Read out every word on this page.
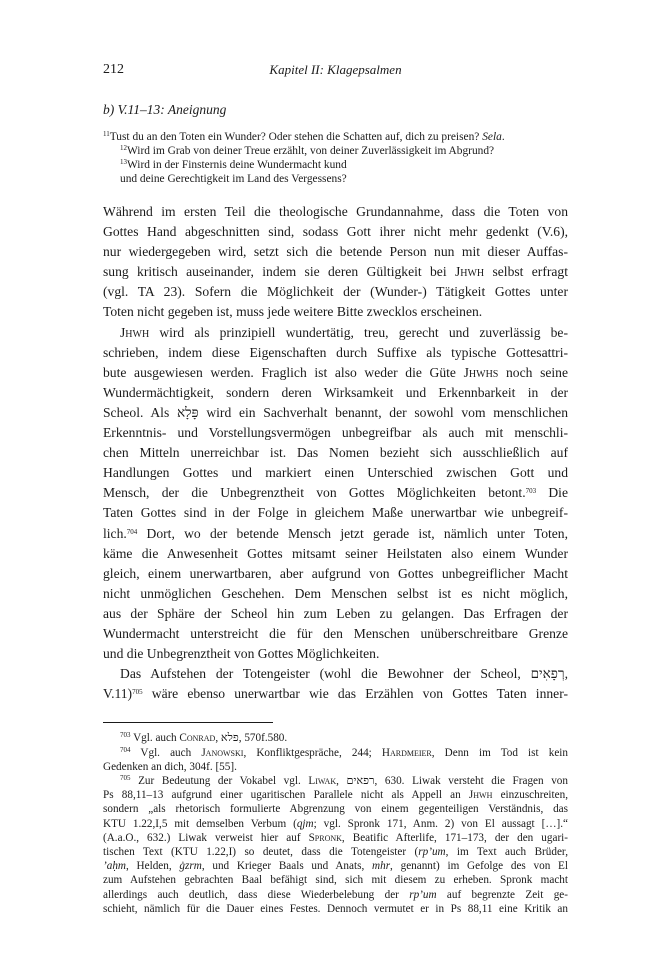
212	Kapitel II: Klagepsalmen
b) V.11–13: Aneignung
$^{11}$Tust du an den Toten ein Wunder? Oder stehen die Schatten auf, dich zu preisen? Sela.
$^{12}$Wird im Grab von deiner Treue erzählt, von deiner Zuverlässigkeit im Abgrund?
$^{13}$Wird in der Finsternis deine Wundermacht kund
und deine Gerechtigkeit im Land des Vergessens?

Während im ersten Teil die theologische Grundannahme, dass die Toten von
Gottes Hand abgeschnitten sind, sodass Gott ihrer nicht mehr gedenkt (V.6),
nur wiedergegeben wird, setzt sich die betende Person nun mit dieser Auffas-
sung kritisch auseinander, indem sie deren Gültigkeit bei Jhwh selbst erfragt
(vgl. TA 23). Sofern die Möglichkeit der (Wunder-) Tätigkeit Gottes unter
Toten nicht gegeben ist, muss jede weitere Bitte zwecklos erscheinen.

Jhwh wird als prinzipiell wundertätig, treu, gerecht und zuverlässig be-
schrieben, indem diese Eigenschaften durch Suffixe als typische Gottesattri-
bute ausgewiesen werden. Fraglich ist also weder die Güte Jhwhs noch seine
Wundermächtigkeit, sondern deren Wirksamkeit und Erkennbarkeit in der
Scheol. Als פָּלָא wird ein Sachverhalt benannt, der sowohl vom menschlichen
Erkenntnis- und Vorstellungsvermögen unbegreifbar als auch mit menschli-
chen Mitteln unerreichbar ist. Das Nomen bezieht sich ausschließlich auf
Handlungen Gottes und markiert einen Unterschied zwischen Gott und
Mensch, der die Unbegrenztheit von Gottes Möglichkeiten betont.$^{703}$ Die
Taten Gottes sind in der Folge in gleichem Maße unerwartbar wie unbegreif-
lich.$^{704}$ Dort, wo der betende Mensch jetzt gerade ist, nämlich unter Toten,
käme die Anwesenheit Gottes mitsamt seiner Heilstaten also einem Wunder
gleich, einem unerwartbaren, aber aufgrund von Gottes unbegreiflicher Macht
nicht unmöglichen Geschehen. Dem Menschen selbst ist es nicht möglich,
aus der Sphäre der Scheol hin zum Leben zu gelangen. Das Erfragen der
Wundermacht unterstreicht die für den Menschen unüberschreitbare Grenze
und die Unbegrenztheit von Gottes Möglichkeiten.

Das Aufstehen der Totengeister (wohl die Bewohner der Scheol, רְפָאִים,
V.11)$^{705}$ wäre ebenso unerwartbar wie das Erzählen von Gottes Taten inner-

$^{703}$ Vgl. auch Conrad, פלא, 570f.580.
$^{704}$ Vgl. auch Janowski, Konfliktgespräche, 244; Hardmeier, Denn im Tod ist kein
Gedenken an dich, 304f. [55].
$^{705}$ Zur Bedeutung der Vokabel vgl. Liwak, רפאים, 630. Liwak versteht die Fragen von
Ps 88,11–13 aufgrund einer ugaritischen Parallele nicht als Appell an Jhwh einzuschreiten,
sondern „als rhetorisch formulierte Abgrenzung von einem gegenteiligen Verständnis, das
KTU 1.22,I,5 mit demselben Verbum (qjm; vgl. Spronk 171, Anm. 2) von El aussagt […].“
(A.a.O., 632.) Liwak verweist hier auf Spronk, Beatific Afterlife, 171–173, der den ugari-
tischen Text (KTU 1.22,I) so deutet, dass die Totengeister (rp’um, im Text auch Brüder,
’aḥm, Helden, ġzrm, und Krieger Baals und Anats, mhr, genannt) im Gefolge des von El
zum Aufstehen gebrachten Baal befähigt sind, sich mit diesem zu erheben. Spronk macht
allerdings auch deutlich, dass diese Wiederbelebung der rp’um auf begrenzte Zeit ge-
schieht, nämlich für die Dauer eines Festes. Dennoch vermutet er in Ps 88,11 eine Kritik an
